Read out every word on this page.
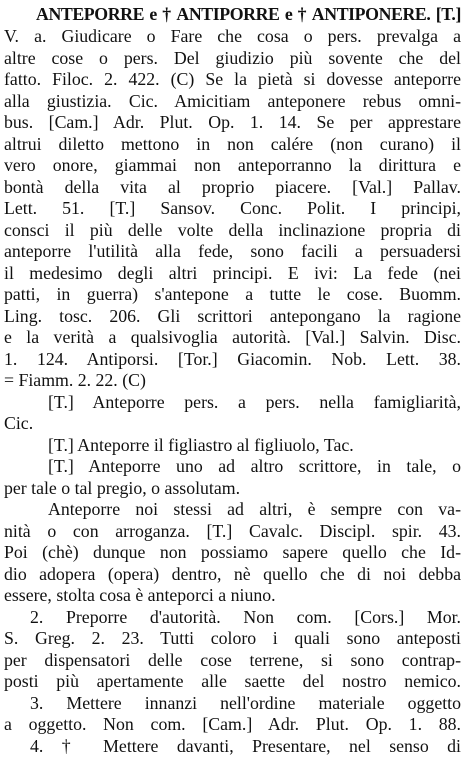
ANTEPORRE e † ANTIPORRE e † ANTIPONERE. [T.]
V. a. Giudicare o Fare che cosa o pers. prevalga a
altre cose o pers. Del giudizio più sovente che del
fatto. Filoc. 2. 422. (C) Se la pietà si dovesse anteporre
alla giustizia. Cic. Amicitiam anteponere rebus omni-
bus. [Cam.] Adr. Plut. Op. 1. 14. Se per apprestare
altrui diletto mettono in non calére (non curano) il
vero onore, giammai non anteporranno la dirittura e
bontà della vita al proprio piacere. [Val.] Pallav.
Lett. 51. [T.] Sansov. Conc. Polit. I principi,
consci il più delle volte della inclinazione propria di
anteporre l'utilità alla fede, sono facili a persuadersi
il medesimo degli altri principi. E ivi: La fede (nei
patti, in guerra) s'antepone a tutte le cose. Buomm.
Ling. tosc. 206. Gli scrittori antepongano la ragione
e la verità a qualsivoglia autorità. [Val.] Salvin. Disc.
1. 124. Antiporsi. [Tor.] Giacomin. Nob. Lett. 38.
= Fiamm. 2. 22. (C)
[T.] Anteporre pers. a pers. nella famigliarità,
Cic.
[T.] Anteporre il figliastro al figliuolo, Tac.
[T.] Anteporre uno ad altro scrittore, in tale, o
per tale o tal pregio, o assolutam.
Anteporre noi stessi ad altri, è sempre con va-
nità o con arroganza. [T.] Cavalc. Discipl. spir. 43.
Poi (chè) dunque non possiamo sapere quello che Id-
dio adopera (opera) dentro, nè quello che di noi debba
essere, stolta cosa è anteporci a niuno.
2. Preporre d'autorità. Non com. [Cors.] Mor.
S. Greg. 2. 23. Tutti coloro i quali sono anteposti
per dispensatori delle cose terrene, si sono contrap-
posti più apertamente alle saette del nostro nemico.
3. Mettere innanzi nell'ordine materiale oggetto
a oggetto. Non com. [Cam.] Adr. Plut. Op. 1. 88.
4. † Mettere davanti, Presentare, nel senso di
